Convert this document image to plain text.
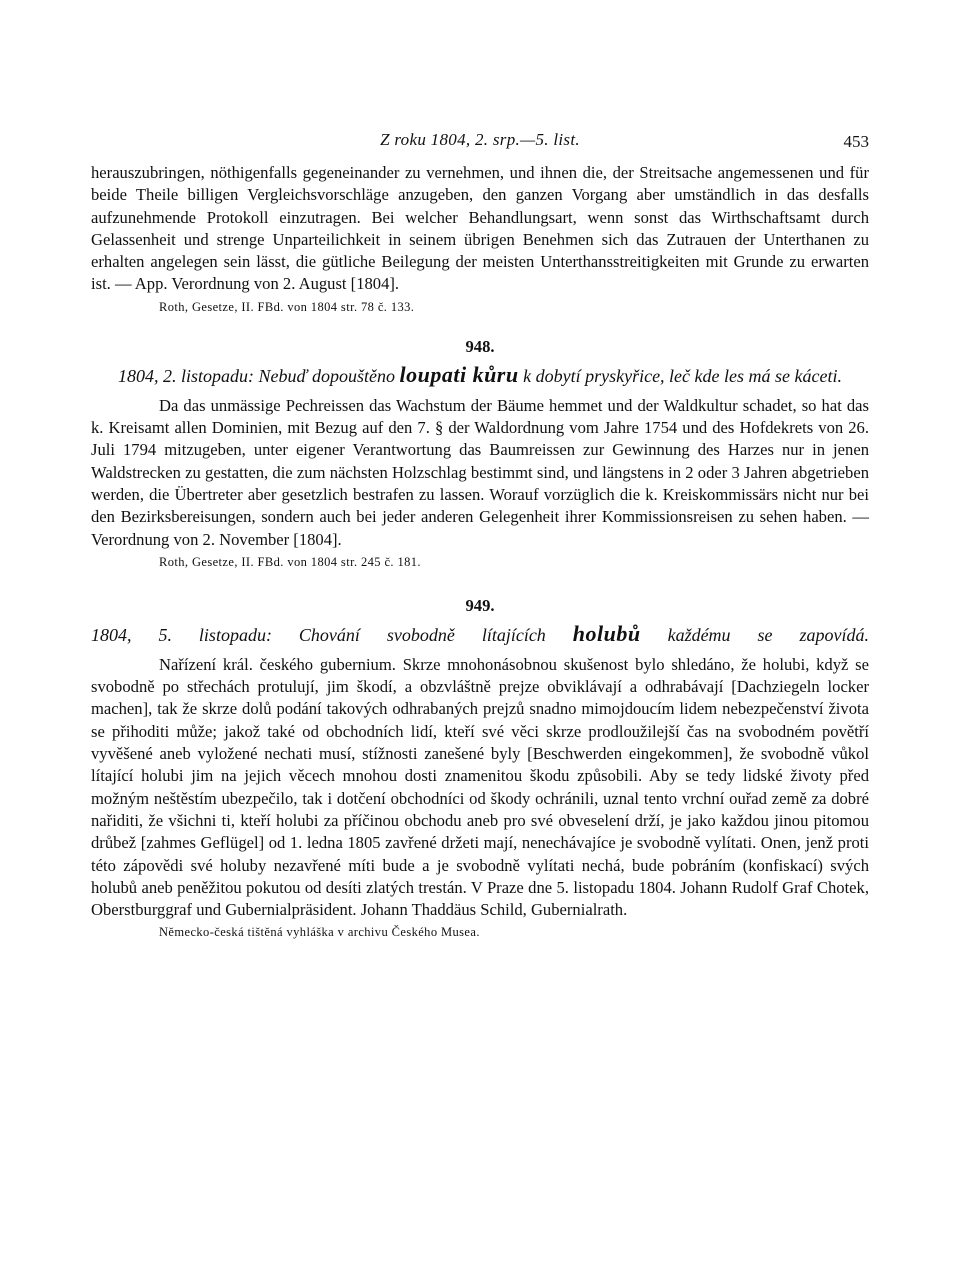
Z roku 1804, 2. srp.—5. list.	453

herauszubringen, nöthigenfalls gegeneinander zu vernehmen, und ihnen die, der Streitsache angemessenen und für beide Theile billigen Vergleichsvorschläge anzugeben, den ganzen Vorgang aber umständlich in das desfalls aufzunehmende Protokoll einzutragen. Bei welcher Behandlungsart, wenn sonst das Wirthschaftsamt durch Gelassenheit und strenge Unparteilichkeit in seinem übrigen Benehmen sich das Zutrauen der Unterthanen zu erhalten angelegen sein lässt, die gütliche Beilegung der meisten Unterthansstreitigkeiten mit Grunde zu erwarten ist. — App. Verordnung von 2. August [1804].

Roth, Gesetze, II. FBd. von 1804 str. 78 č. 133.

948.
1804, 2. listopadu: Nebuď dopouštěno loupati kůru k dobytí pryskyřice, leč kde les má se káceti.

Da das unmässige Pechreissen das Wachstum der Bäume hemmet und der Waldkultur schadet, so hat das k. Kreisamt allen Dominien, mit Bezug auf den 7. § der Waldordnung vom Jahre 1754 und des Hofdekrets von 26. Juli 1794 mitzugeben, unter eigener Verantwortung das Baumreissen zur Gewinnung des Harzes nur in jenen Waldstrecken zu gestatten, die zum nächsten Holzschlag bestimmt sind, und längstens in 2 oder 3 Jahren abgetrieben werden, die Übertreter aber gesetzlich bestrafen zu lassen. Worauf vorzüglich die k. Kreiskommissärs nicht nur bei den Bezirksbereisungen, sondern auch bei jeder anderen Gelegenheit ihrer Kommissionsreisen zu sehen haben. — Verordnung von 2. November [1804].

Roth, Gesetze, II. FBd. von 1804 str. 245 č. 181.

949.
1804, 5. listopadu: Chování svobodně lítajících holubů každému se zapovídá.

Nařízení král. českého gubernium. Skrze mnohonásobnou skušenost bylo shledáno, že holubi, když se svobodně po střechách protulují, jim škodí, a obzvláštně prejze obviklávají a odhrabávají [Dachziegeln locker machen], tak že skrze dolů podání takových odhrabaných prejzů snadno mimojdoucím lidem nebezpečenství života se přihoditi může; jakož také od obchodních lidí, kteří své věci skrze prodloužilejší čas na svobodném povětří vyvěšené aneb vyložené nechati musí, stížnosti zanešené byly [Beschwerden eingekommen], že svobodně vůkol lítající holubi jim na jejich věcech mnohou dosti znamenitou škodu způsobili. Aby se tedy lidské životy před možným neštěstím ubezpečilo, tak i dotčení obchodníci od škody ochránili, uznal tento vrchní ouřad země za dobré nařiditi, že všichni ti, kteří holubi za příčinou obchodu aneb pro své obveselení drží, je jako každou jinou pitomou drůbež [zahmes Geflügel] od 1. ledna 1805 zavřené držeti mají, nenechávajíce je svobodně vylítati. Onen, jenž proti této zápovědi své holuby nezavřené míti bude a je svobodně vylítati nechá, bude pobráním (konfiskací) svých holubů aneb peněžitou pokutou od desíti zlatých trestán. V Praze dne 5. listopadu 1804. Johann Rudolf Graf Chotek, Oberstburggraf und Gubernialpräsident. Johann Thaddäus Schild, Gubernialrath.

Německo-česká tištěná vyhláška v archivu Českého Musea.
